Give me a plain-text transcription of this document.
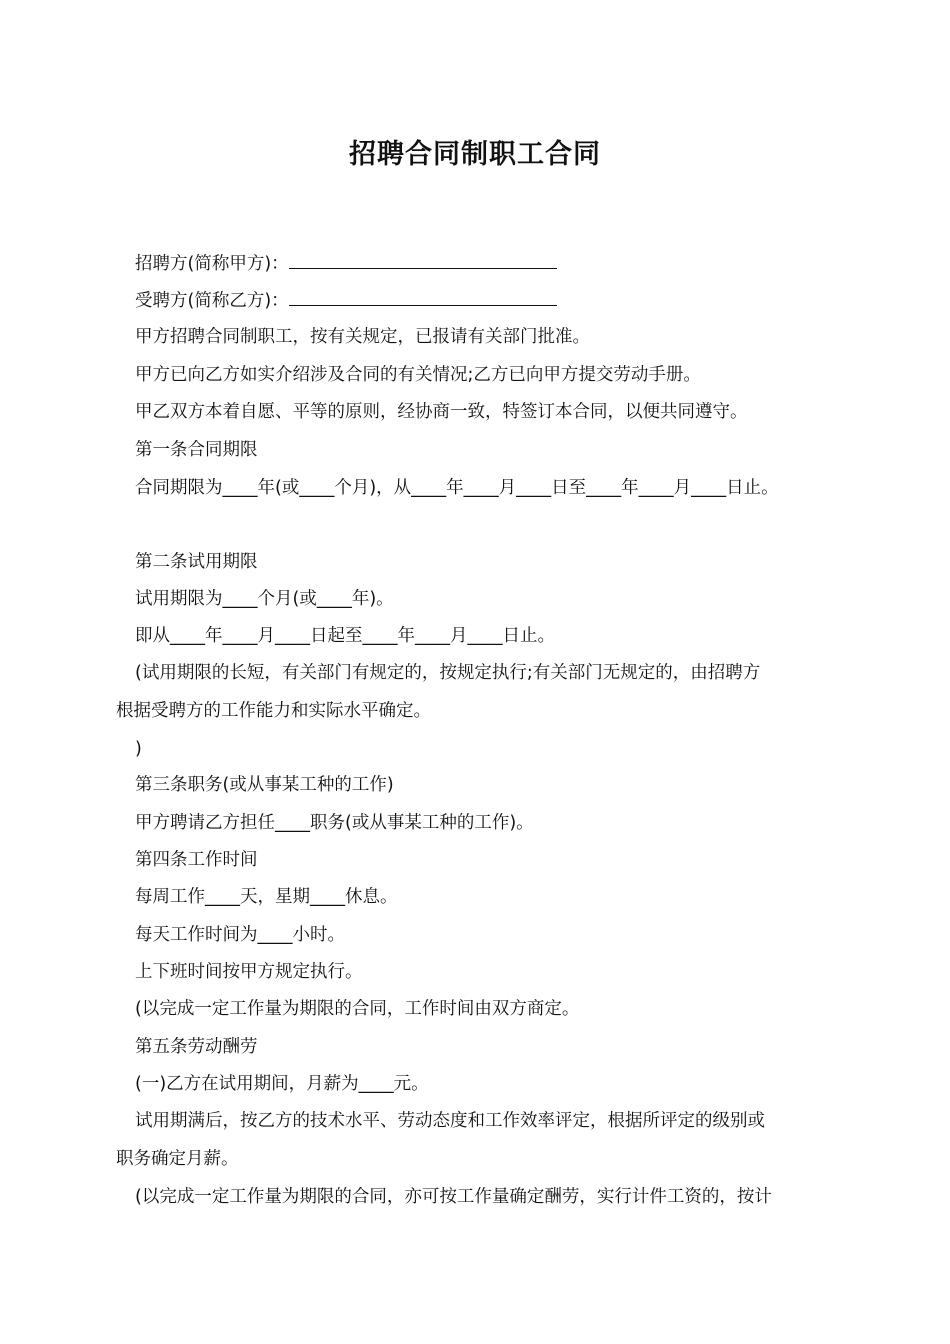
招聘合同制职工合同

招聘方(简称甲方)：

受聘方(简称乙方)：

甲方招聘合同制职工，按有关规定，已报请有关部门批准。

甲方已向乙方如实介绍涉及合同的有关情况;乙方已向甲方提交劳动手册。

甲乙双方本着自愿、平等的原则，经协商一致，特签订本合同，以便共同遵守。

第一条合同期限

合同期限为____年(或____个月)，从____年____月____日至____年____月____日止。

第二条试用期限

试用期限为____个月(或____年)。

即从____年____月____日起至____年____月____日止。

(试用期限的长短，有关部门有规定的，按规定执行;有关部门无规定的，由招聘方

根据受聘方的工作能力和实际水平确定。

)

第三条职务(或从事某工种的工作)

甲方聘请乙方担任____职务(或从事某工种的工作)。

第四条工作时间

每周工作____天，星期____休息。

每天工作时间为____小时。

上下班时间按甲方规定执行。

(以完成一定工作量为期限的合同，工作时间由双方商定。

第五条劳动酬劳

(一)乙方在试用期间，月薪为____元。

试用期满后，按乙方的技术水平、劳动态度和工作效率评定，根据所评定的级别或

职务确定月薪。

(以完成一定工作量为期限的合同，亦可按工作量确定酬劳，实行计件工资的，按计
